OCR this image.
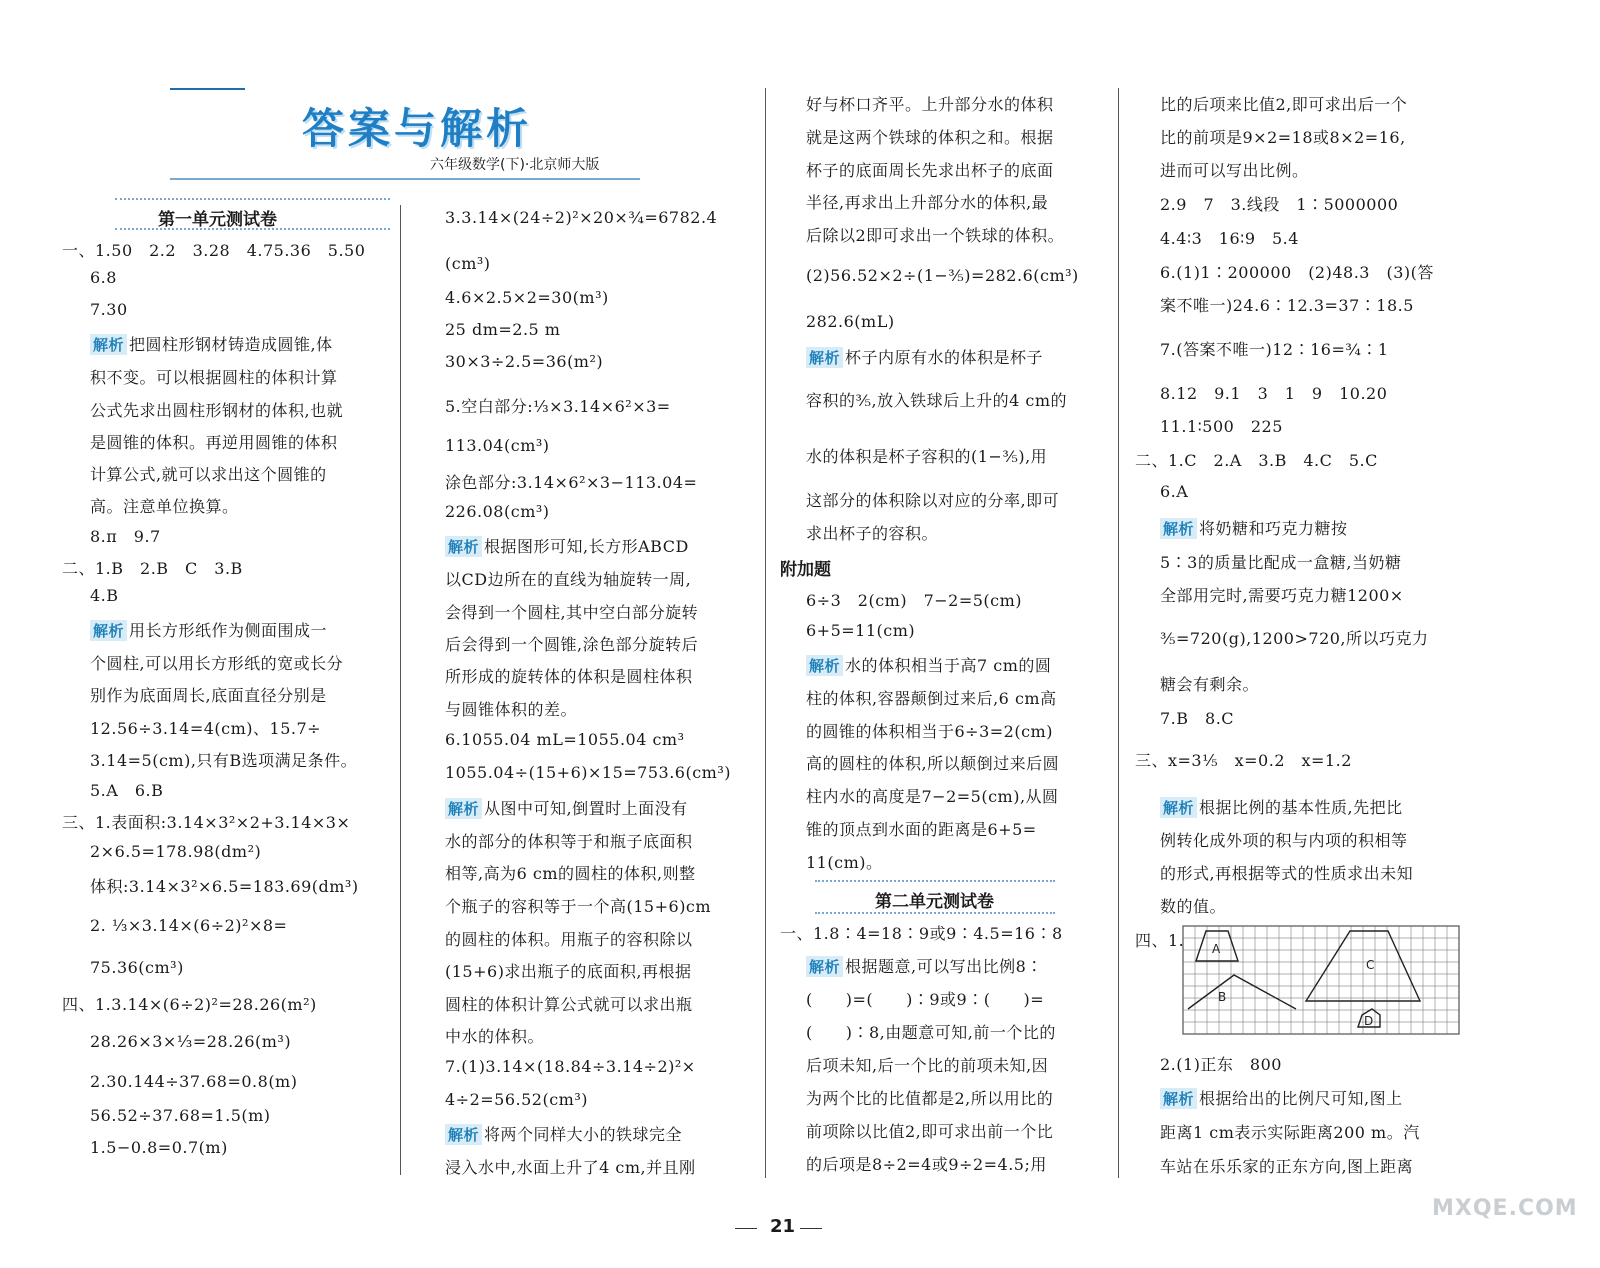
答案与解析
六年级数学(下)·北京师大版
第一单元测试卷
一、1.50　2.2　3.28　4.75.36　5.50
6.8
7.30
解析 把圆柱形钢材铸造成圆锥,体
积不变。可以根据圆柱的体积计算
公式先求出圆柱形钢材的体积,也就
是圆锥的体积。再逆用圆锥的体积
计算公式,就可以求出这个圆锥的
高。注意单位换算。
8.π　9.7
二、1.B　2.B　C　3.B
4.B
解析 用长方形纸作为侧面围成一
个圆柱,可以用长方形纸的宽或长分
别作为底面周长,底面直径分别是
12.56÷3.14=4(cm)、15.7÷
3.14=5(cm),只有B选项满足条件。
5.A　6.B
三、1.表面积:3.14×3²×2+3.14×3×
2×6.5=178.98(dm²)
体积:3.14×3²×6.5=183.69(dm³)
2. ⅓×3.14×(6÷2)²×8=
75.36(cm³)
四、1.3.14×(6÷2)²=28.26(m²)
28.26×3×⅓=28.26(m³)
2.30.144÷37.68=0.8(m)
56.52÷37.68=1.5(m)
1.5−0.8=0.7(m)
3.3.14×(24÷2)²×20×¾=6782.4
(cm³)
4.6×2.5×2=30(m³)
25 dm=2.5 m
30×3÷2.5=36(m²)
5.空白部分:⅓×3.14×6²×3=
113.04(cm³)
涂色部分:3.14×6²×3−113.04=
226.08(cm³)
解析 根据图形可知,长方形ABCD
以CD边所在的直线为轴旋转一周,
会得到一个圆柱,其中空白部分旋转
后会得到一个圆锥,涂色部分旋转后
所形成的旋转体的体积是圆柱体积
与圆锥体积的差。
6.1055.04 mL=1055.04 cm³
1055.04÷(15+6)×15=753.6(cm³)
解析 从图中可知,倒置时上面没有
水的部分的体积等于和瓶子底面积
相等,高为6 cm的圆柱的体积,则整
个瓶子的容积等于一个高(15+6)cm
的圆柱的体积。用瓶子的容积除以
(15+6)求出瓶子的底面积,再根据
圆柱的体积计算公式就可以求出瓶
中水的体积。
7.(1)3.14×(18.84÷3.14÷2)²×
4÷2=56.52(cm³)
解析 将两个同样大小的铁球完全
浸入水中,水面上升了4 cm,并且刚
好与杯口齐平。上升部分水的体积
就是这两个铁球的体积之和。根据
杯子的底面周长先求出杯子的底面
半径,再求出上升部分水的体积,最
后除以2即可求出一个铁球的体积。
(2)56.52×2÷(1−⅗)=282.6(cm³)
282.6(mL)
解析 杯子内原有水的体积是杯子
容积的⅗,放入铁球后上升的4 cm的
水的体积是杯子容积的(1−⅗),用
这部分的体积除以对应的分率,即可
求出杯子的容积。
附加题
6÷3　2(cm)　7−2=5(cm)
6+5=11(cm)
解析 水的体积相当于高7 cm的圆
柱的体积,容器颠倒过来后,6 cm高
的圆锥的体积相当于6÷3=2(cm)
高的圆柱的体积,所以颠倒过来后圆
柱内水的高度是7−2=5(cm),从圆
锥的顶点到水面的距离是6+5=
11(cm)。
第二单元测试卷
一、1.8∶4=18∶9或9∶4.5=16∶8
解析 根据题意,可以写出比例8∶
(　　)=(　　)∶9或9∶(　　)=
(　　)∶8,由题意可知,前一个比的
后项未知,后一个比的前项未知,因
为两个比的比值都是2,所以用比的
前项除以比值2,即可求出前一个比
的后项是8÷2=4或9÷2=4.5;用
比的后项来比值2,即可求出后一个
比的前项是9×2=18或8×2=16,
进而可以写出比例。
2.9　7　3.线段　1∶5000000
4.4∶3　16∶9　5.4
6.(1)1∶200000　(2)48.3　(3)(答
案不唯一)24.6∶12.3=37∶18.5
7.(答案不唯一)12∶16=¾∶1
8.12　9.1　3　1　9　10.20
11.1∶500　225
二、1.C　2.A　3.B　4.C　5.C
6.A
解析 将奶糖和巧克力糖按
5∶3的质量比配成一盒糖,当奶糖
全部用完时,需要巧克力糖1200×
⅗=720(g),1200>720,所以巧克力
糖会有剩余。
7.B　8.C
三、x=3⅕　x=0.2　x=1.2
解析 根据比例的基本性质,先把比
例转化成外项的积与内项的积相等
的形式,再根据等式的性质求出未知
数的值。
四、1. A
B
C
D
2.(1)正东　800
解析 根据给出的比例尺可知,图上
距离1 cm表示实际距离200 m。汽
车站在乐乐家的正东方向,图上距离
21
MXQE.COM
